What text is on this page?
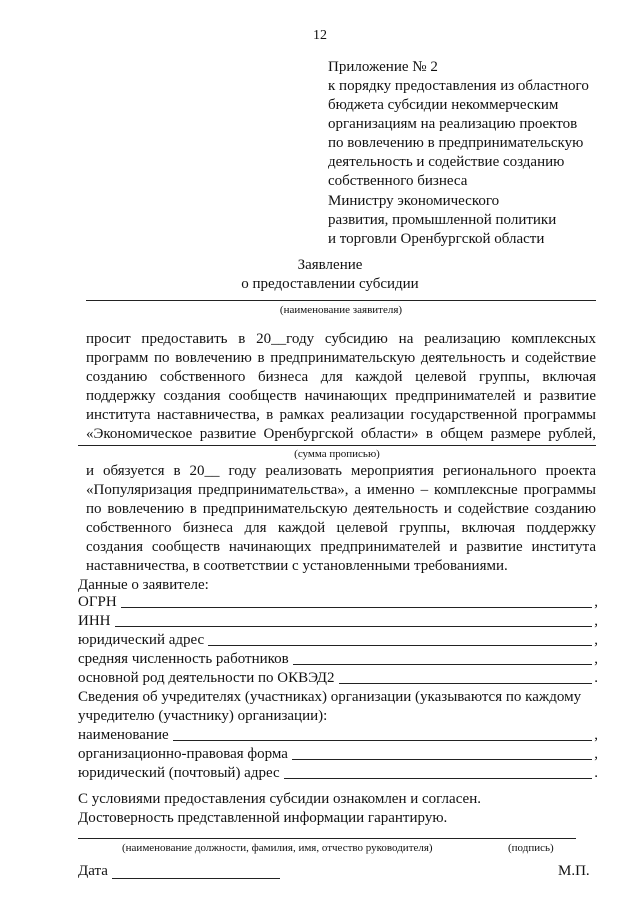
12
Приложение № 2
к порядку предоставления из областного
бюджета субсидии некоммерческим
организациям на реализацию проектов
по вовлечению в предпринимательскую
деятельность и содействие созданию
собственного бизнеса
Министру экономического
развития, промышленной политики
и торговли Оренбургской области
Заявление
о предоставлении субсидии
(наименование заявителя)
просит предоставить в 20__году субсидию на реализацию комплексных
программ по вовлечению в предпринимательскую деятельность и содействие
созданию собственного бизнеса для каждой целевой группы, включая
поддержку создания сообществ начинающих предпринимателей и развитие
института наставничества, в рамках реализации государственной программы
«Экономическое развитие Оренбургской области» в общем размере рублей,
(сумма прописью)
и обязуется в 20__ году реализовать мероприятия регионального проекта
«Популяризация предпринимательства», а именно – комплексные программы
по вовлечению в предпринимательскую деятельность и содействие созданию
собственного бизнеса для каждой целевой группы, включая поддержку
создания сообществ начинающих предпринимателей и развитие института
наставничества, в соответствии с установленными требованиями.
Данные о заявителе:
ОГРН	,
ИНН	,
юридический адрес	,
средняя численность работников	,
основной род деятельности по ОКВЭД2	.
Сведения об учредителях (участниках) организации (указываются по каждому
учредителю (участнику) организации):
наименование	,
организационно-правовая форма	,
юридический (почтовый) адрес	.
С условиями предоставления субсидии ознакомлен и согласен.
Достоверность представленной информации гарантирую.
(наименование должности, фамилия, имя, отчество руководителя)	(подпись)
Дата	М.П.
